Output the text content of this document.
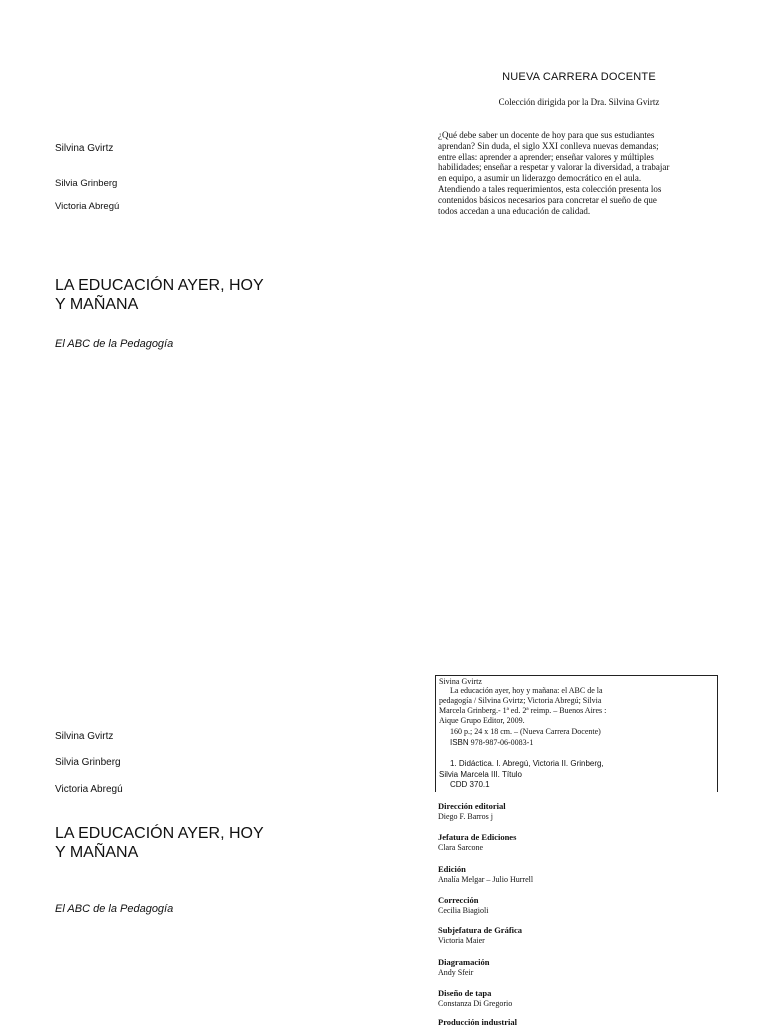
Silvina Gvirtz
Silvia Grinberg
Victoria Abregú
LA EDUCACIÓN AYER, HOY
Y MAÑANA
El ABC de la Pedagogía
NUEVA CARRERA DOCENTE
Colección dirigida por la Dra. Silvina Gvirtz
¿Qué debe saber un docente de hoy para que sus estudiantes
aprendan? Sin duda, el siglo XXI conlleva nuevas demandas;
entre ellas: aprender a aprender; enseñar valores y múltiples
habilidades; enseñar a respetar y valorar la diversidad, a trabajar
en equipo, a asumir un liderazgo democrático en el aula.
Atendiendo a tales requerimientos, esta colección presenta los
contenidos básicos necesarios para concretar el sueño de que
todos accedan a una educación de calidad.
Silvina Gvirtz
Silvia Grinberg
Victoria Abregú
LA EDUCACIÓN AYER, HOY
Y MAÑANA
El ABC de la Pedagogía
Sivina Gvirtz
La educación ayer, hoy y mañana: el ABC de la
pedagogía / Silvina Gvirtz; Victoria Abregú; Silvia
Marcela Grinberg.- 1ª ed. 2ª reimp. – Buenos Aires :
Aique Grupo Editor, 2009.
160 p.; 24 x 18 cm. – (Nueva Carrera Docente)
ISBN 978-987-06-0083-1
1. Didáctica. I. Abregú, Victoria II. Grinberg,
Silvia Marcela III. Título
CDD 370.1
Dirección editorial
Diego F. Barros j
Jefatura de Ediciones
Clara Sarcone
Edición
Analía Melgar – Julio Hurrell
Corrección
Cecilia Biagioli
Subjefatura de Gráfica
Victoria Maier
Diagramación
Andy Sfeir
Diseño de tapa
Constanza Di Gregorio
Producción industrial
